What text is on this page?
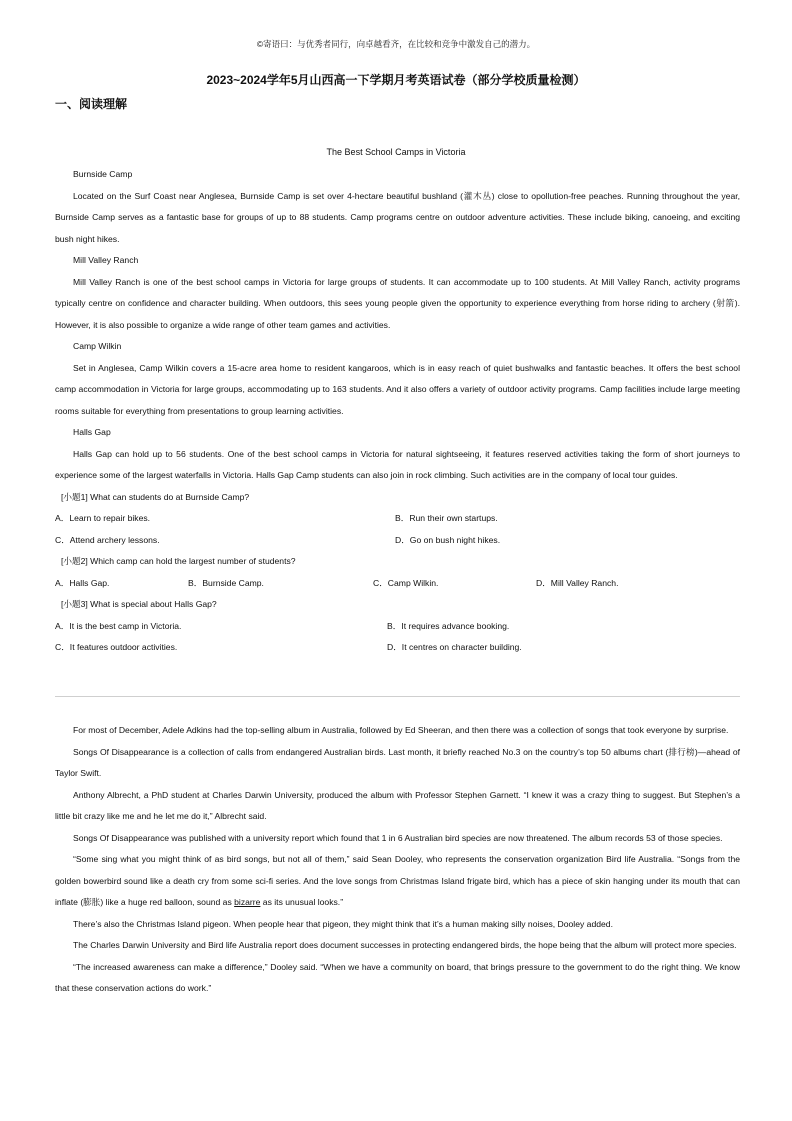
©寄语曰：与优秀者同行，向卓越看齐，在比较和竞争中激发自己的潜力。
2023~2024学年5月山西高一下学期月考英语试卷（部分学校质量检测）
一、阅读理解
The Best School Camps in Victoria

Burnside Camp

Located on the Surf Coast near Anglesea, Burnside Camp is set over 4-hectare beautiful bushland (灌木丛) close to opollution-free peaches. Running throughout the year, Burnside Camp serves as a fantastic base for groups of up to 88 students. Camp programs centre on outdoor adventure activities. These include biking, canoeing, and exciting bush night hikes.

Mill Valley Ranch

Mill Valley Ranch is one of the best school camps in Victoria for large groups of students. It can accommodate up to 100 students. At Mill Valley Ranch, activity programs typically centre on confidence and character building. When outdoors, this sees young people given the opportunity to experience everything from horse riding to archery (射箭). However, it is also possible to organize a wide range of other team games and activities.

Camp Wilkin

Set in Anglesea, Camp Wilkin covers a 15-acre area home to resident kangaroos, which is in easy reach of quiet bushwalks and fantastic beaches. It offers the best school camp accommodation in Victoria for large groups, accommodating up to 163 students. And it also offers a variety of outdoor activity programs. Camp facilities include large meeting rooms suitable for everything from presentations to group learning activities.

Halls Gap

Halls Gap can hold up to 56 students. One of the best school camps in Victoria for natural sightseeing, it features reserved activities taking the form of short journeys to experience some of the largest waterfalls in Victoria. Halls Gap Camp students can also join in rock climbing. Such activities are in the company of local tour guides.

[小题1] What can students do at Burnside Camp?

A．Learn to repair bikes.	B．Run their own startups.
C．Attend archery lessons.	D．Go on bush night hikes.

[小题2] Which camp can hold the largest number of students?

A．Halls Gap.	B．Burnside Camp.	C．Camp Wilkin.	D．Mill Valley Ranch.

[小题3] What is special about Halls Gap?

A．It is the best camp in Victoria.	B．It requires advance booking.
C．It features outdoor activities.	D．It centres on character building.

For most of December, Adele Adkins had the top-selling album in Australia, followed by Ed Sheeran, and then there was a collection of songs that took everyone by surprise.

Songs Of Disappearance is a collection of calls from endangered Australian birds. Last month, it briefly reached No.3 on the country’s top 50 albums chart (排行榜)—ahead of Taylor Swift.

Anthony Albrecht, a PhD student at Charles Darwin University, produced the album with Professor Stephen Garnett. “I knew it was a crazy thing to suggest. But Stephen’s a little bit crazy like me and he let me do it,” Albrecht said.

Songs Of Disappearance was published with a university report which found that 1 in 6 Australian bird species are now threatened. The album records 53 of those species.

“Some sing what you might think of as bird songs, but not all of them,” said Sean Dooley, who represents the conservation organization Bird life Australia. “Songs from the golden bowerbird sound like a death cry from some sci-fi series. And the love songs from Christmas Island frigate bird, which has a piece of skin hanging under its mouth that can inflate (膨胀) like a huge red balloon, sound as bizarre as its unusual looks.”

There’s also the Christmas Island pigeon. When people hear that pigeon, they might think that it’s a human making silly noises, Dooley added.

The Charles Darwin University and Bird life Australia report does document successes in protecting endangered birds, the hope being that the album will protect more species.

“The increased awareness can make a difference,” Dooley said. “When we have a community on board, that brings pressure to the government to do the right thing. We know that these conservation actions do work.”
